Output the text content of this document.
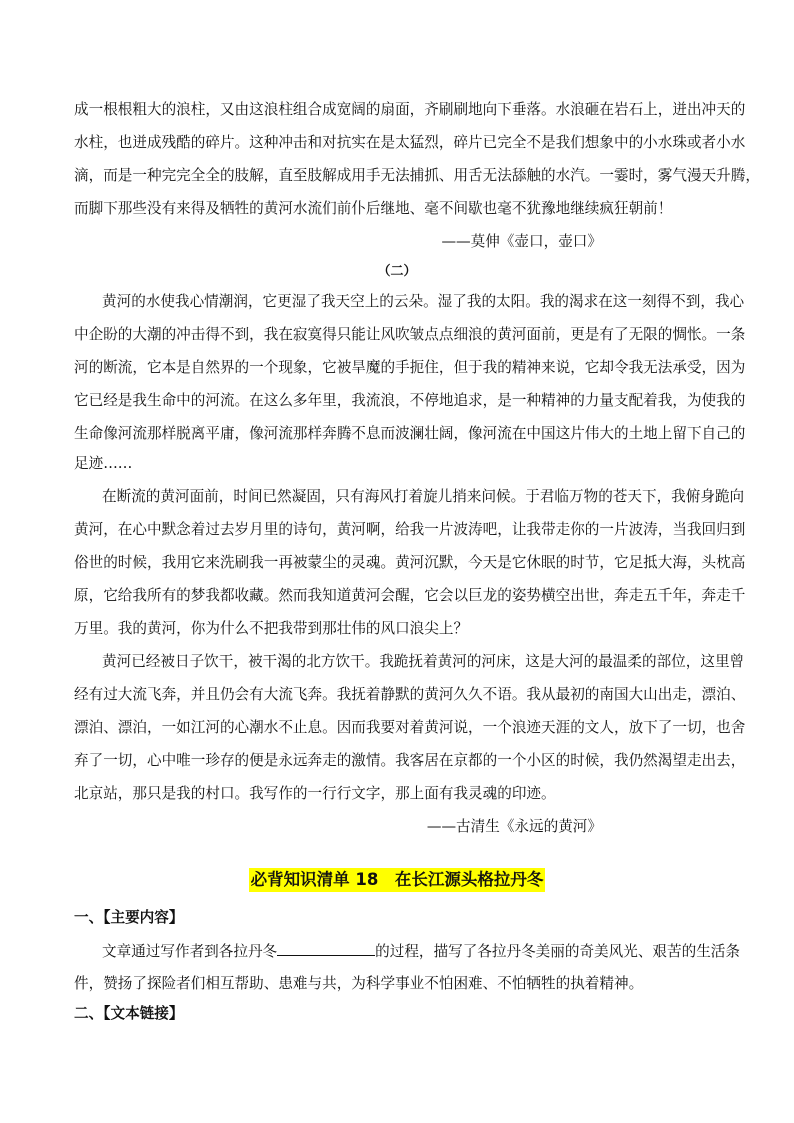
成一根根粗大的浪柱，又由这浪柱组合成宽阔的扇面，齐刷刷地向下垂落。水浪砸在岩石上，迸出冲天的
水柱，也迸成残酷的碎片。这种冲击和对抗实在是太猛烈，碎片已完全不是我们想象中的小水珠或者小水
滴，而是一种完完全全的肢解，直至肢解成用手无法捕抓、用舌无法舔触的水汽。一霎时，雾气漫天升腾，
而脚下那些没有来得及牺牲的黄河水流们前仆后继地、毫不间歇也毫不犹豫地继续疯狂朝前！
——莫伸《壶口，壶口》
（二）
黄河的水使我心情潮润，它更湿了我天空上的云朵。湿了我的太阳。我的渴求在这一刻得不到，我心
中企盼的大潮的冲击得不到，我在寂寞得只能让风吹皱点点细浪的黄河面前，更是有了无限的惆怅。一条
河的断流，它本是自然界的一个现象，它被旱魔的手扼住，但于我的精神来说，它却令我无法承受，因为
它已经是我生命中的河流。在这么多年里，我流浪，不停地追求，是一种精神的力量支配着我，为使我的
生命像河流那样脱离平庸，像河流那样奔腾不息而波澜壮阔，像河流在中国这片伟大的土地上留下自己的
足迹……
在断流的黄河面前，时间已然凝固，只有海风打着旋儿捎来问候。于君临万物的苍天下，我俯身跪向
黄河，在心中默念着过去岁月里的诗句，黄河啊，给我一片波涛吧，让我带走你的一片波涛，当我回归到
俗世的时候，我用它来洗刷我一再被蒙尘的灵魂。黄河沉默，今天是它休眠的时节，它足抵大海，头枕高
原，它给我所有的梦我都收藏。然而我知道黄河会醒，它会以巨龙的姿势横空出世，奔走五千年，奔走千
万里。我的黄河，你为什么不把我带到那壮伟的风口浪尖上？
黄河已经被日子饮干，被干渴的北方饮干。我跪抚着黄河的河床，这是大河的最温柔的部位，这里曾
经有过大流飞奔，并且仍会有大流飞奔。我抚着静默的黄河久久不语。我从最初的南国大山出走，漂泊、
漂泊、漂泊，一如江河的心潮水不止息。因而我要对着黄河说，一个浪迹天涯的文人，放下了一切，也舍
弃了一切，心中唯一珍存的便是永远奔走的激情。我客居在京都的一个小区的时候，我仍然渴望走出去，
北京站，那只是我的村口。我写作的一行行文字，那上面有我灵魂的印迹。
——古清生《永远的黄河》
必背知识清单 18　在长江源头格拉丹冬
一、【主要内容】
文章通过写作者到各拉丹冬	的过程，描写了各拉丹冬美丽的奇美风光、艰苦的生活条
件，赞扬了探险者们相互帮助、患难与共，为科学事业不怕困难、不怕牺牲的执着精神。
二、【文本链接】
